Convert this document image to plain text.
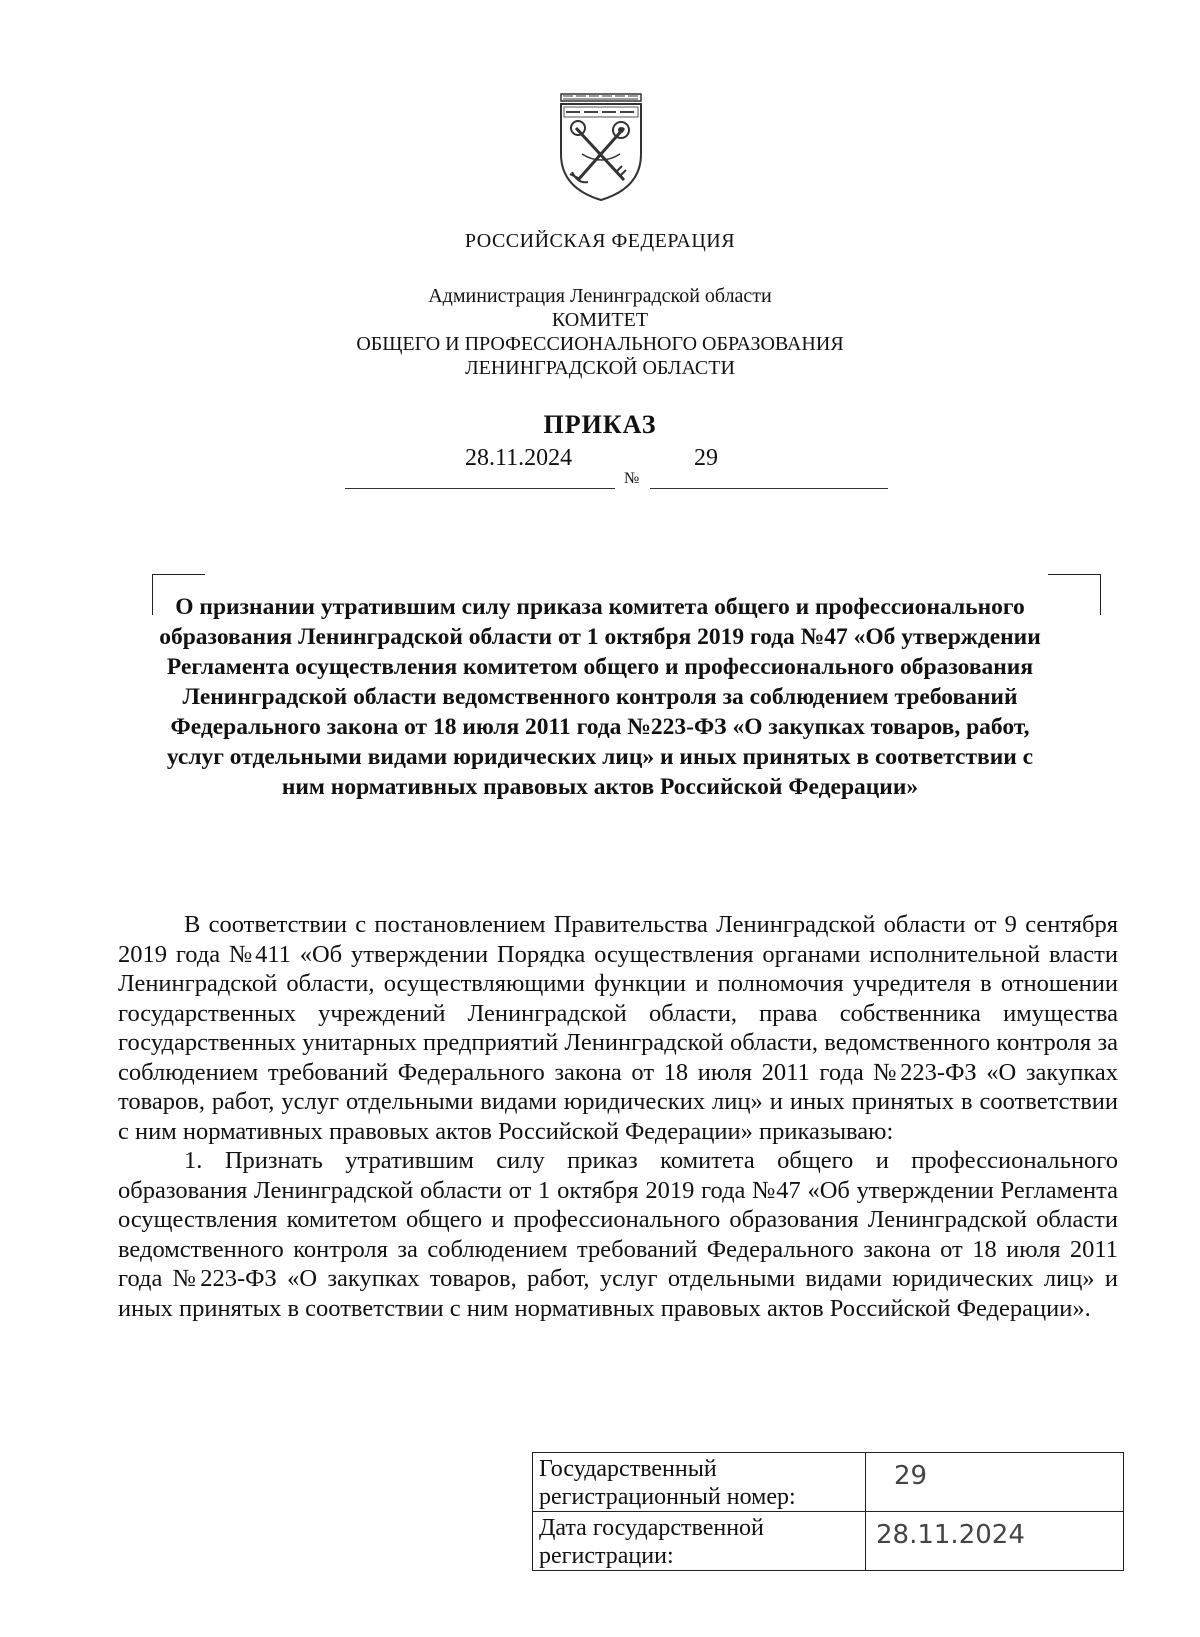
РОССИЙСКАЯ ФЕДЕРАЦИЯ
Администрация Ленинградской области
КОМИТЕТ
ОБЩЕГО И ПРОФЕССИОНАЛЬНОГО ОБРАЗОВАНИЯ
ЛЕНИНГРАДСКОЙ ОБЛАСТИ
ПРИКАЗ
28.11.2024
№
29
О признании утратившим силу приказа комитета общего и профессионального образования Ленинградской области от 1 октября 2019 года №47 «Об утверждении Регламента осуществления комитетом общего и профессионального образования Ленинградской области ведомственного контроля за соблюдением требований Федерального закона от 18 июля 2011 года №223-ФЗ «О закупках товаров, работ, услуг отдельными видами юридических лиц» и иных принятых в соответствии с ним нормативных правовых актов Российской Федерации»

В соответствии с постановлением Правительства Ленинградской области от 9 сентября 2019 года №411 «Об утверждении Порядка осуществления органами исполнительной власти Ленинградской области, осуществляющими функции и полномочия учредителя в отношении государственных учреждений Ленинградской области, права собственника имущества государственных унитарных предприятий Ленинградской области, ведомственного контроля за соблюдением требований Федерального закона от 18 июля 2011 года №223-ФЗ «О закупках товаров, работ, услуг отдельными видами юридических лиц» и иных принятых в соответствии с ним нормативных правовых актов Российской Федерации» приказываю:

1. Признать утратившим силу приказ комитета общего и профессионального образования Ленинградской области от 1 октября 2019 года №47 «Об утверждении Регламента осуществления комитетом общего и профессионального образования Ленинградской области ведомственного контроля за соблюдением требований Федерального закона от 18 июля 2011 года №223-ФЗ «О закупках товаров, работ, услуг отдельными видами юридических лиц» и иных принятых в соответствии с ним нормативных правовых актов Российской Федерации».

Государственный регистрационный номер:	29
Дата государственной регистрации:	28.11.2024
